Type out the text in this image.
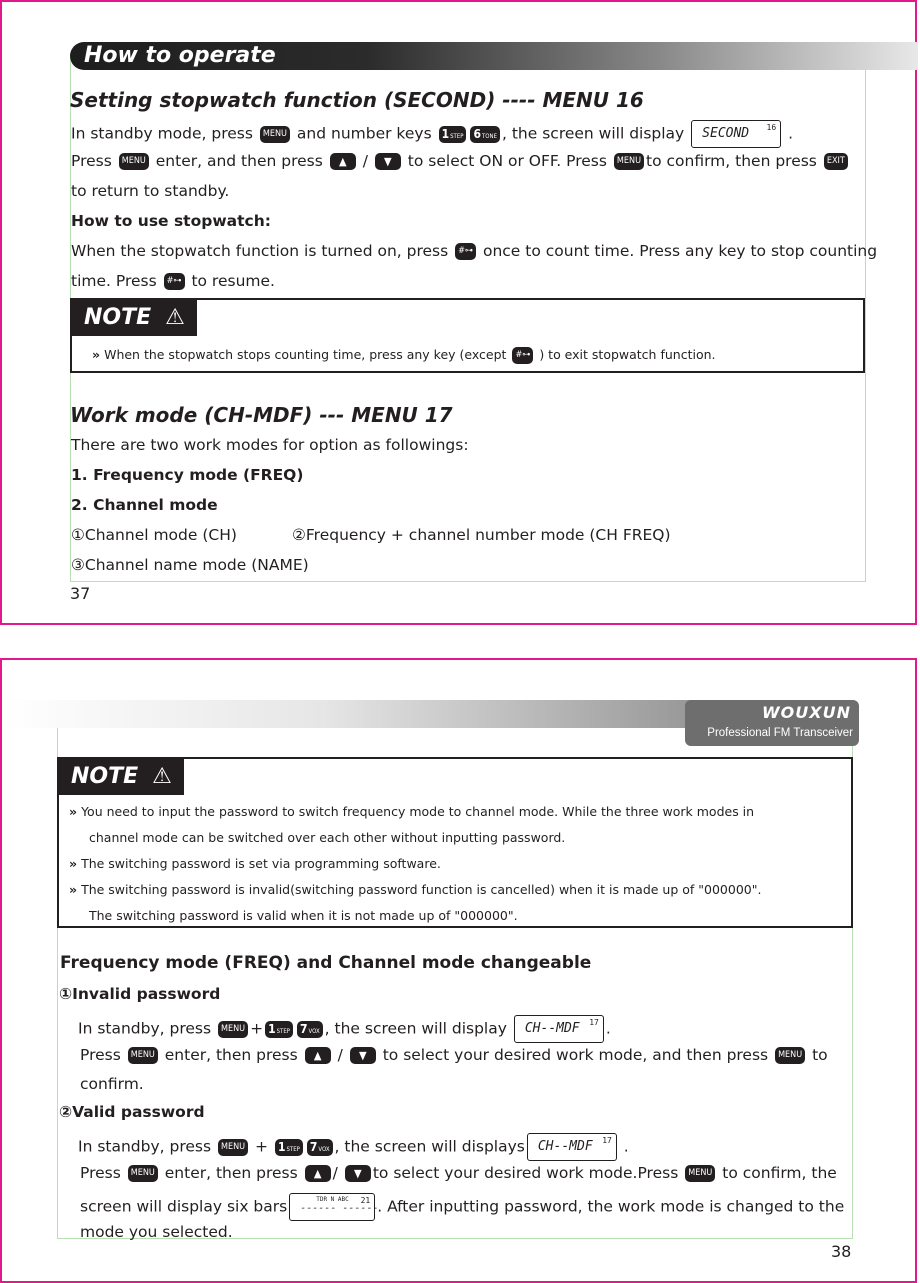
How to operate
Setting stopwatch function (SECOND) ---- MENU 16
In standby mode, press MENU and number keys 1STEP 6TONE , the screen will display SECOND 16 .
Press MENU enter, and then press ▲ / ▼ to select ON or OFF. Press MENU to confirm, then press EXIT
to return to standby.
How to use stopwatch:
When the stopwatch function is turned on, press #⊶ once to count time. Press any key to stop counting
time. Press #⊶ to resume.
NOTE ⚠
» When the stopwatch stops counting time, press any key (except #⊶ ) to exit stopwatch function.
Work mode (CH-MDF) --- MENU 17
There are two work modes for option as followings:
1. Frequency mode (FREQ)
2. Channel mode
①Channel mode (CH)	②Frequency + channel number mode (CH FREQ)
③Channel name mode (NAME)
37
WOUXUN
Professional FM Transceiver
NOTE ⚠
» You need to input the password to switch frequency mode to channel mode. While the three work modes in
channel mode can be switched over each other without inputting password.
» The switching password is set via programming software.
» The switching password is invalid(switching password function is cancelled) when it is made up of "000000".
The switching password is valid when it is not made up of "000000".
Frequency mode (FREQ) and Channel mode changeable
①Invalid password
In standby, press MENU + 1STEP 7VOX , the screen will display CH--MDF 17 .
Press MENU enter, then press ▲ / ▼ to select your desired work mode, and then press MENU to
confirm.
②Valid password
In standby, press MENU + 1STEP 7VOX , the screen will displays CH--MDF 17 .
Press MENU enter, then press ▲ / ▼ to select your desired work mode.Press MENU to confirm, the
screen will display six bars ------ ------
21
TDR N ABC . After inputting password, the work mode is changed to the
mode you selected.
38
